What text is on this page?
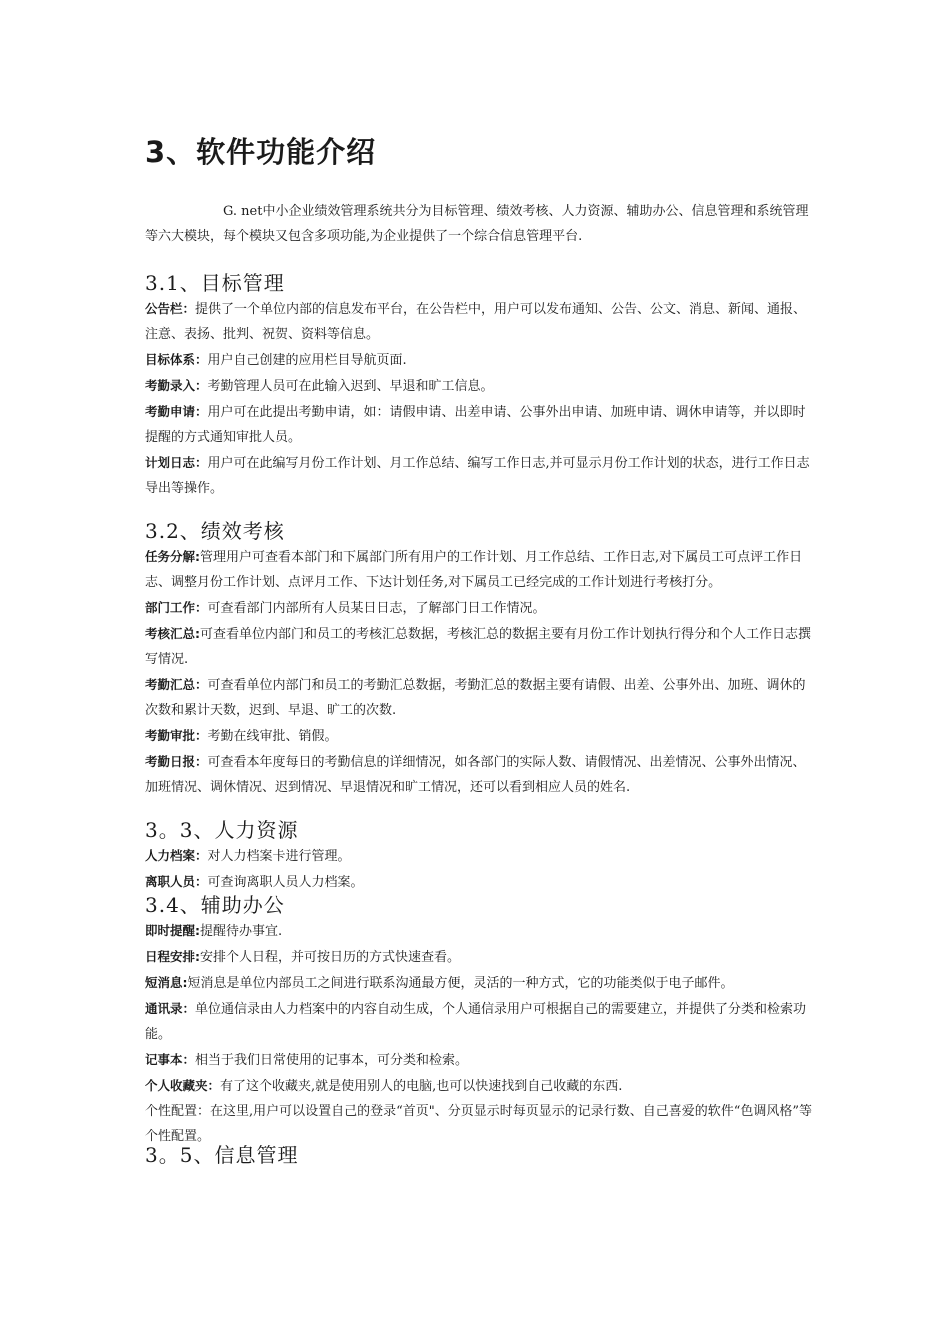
3、软件功能介绍

G. net中小企业绩效管理系统共分为目标管理、绩效考核、人力资源、辅助办公、信息管理和系统管理等六大模块，每个模块又包含多项功能,为企业提供了一个综合信息管理平台.

3.1、目标管理

公告栏：提供了一个单位内部的信息发布平台，在公告栏中，用户可以发布通知、公告、公文、消息、新闻、通报、注意、表扬、批判、祝贺、资料等信息。

目标体系：用户自己创建的应用栏目导航页面.

考勤录入：考勤管理人员可在此输入迟到、早退和旷工信息。

考勤申请：用户可在此提出考勤申请，如：请假申请、出差申请、公事外出申请、加班申请、调休申请等，并以即时提醒的方式通知审批人员。

计划日志：用户可在此编写月份工作计划、月工作总结、编写工作日志,并可显示月份工作计划的状态，进行工作日志导出等操作。

3.2、绩效考核

任务分解:管理用户可查看本部门和下属部门所有用户的工作计划、月工作总结、工作日志,对下属员工可点评工作日志、调整月份工作计划、点评月工作、下达计划任务,对下属员工已经完成的工作计划进行考核打分。

部门工作：可查看部门内部所有人员某日日志，了解部门日工作情况。

考核汇总:可查看单位内部门和员工的考核汇总数据，考核汇总的数据主要有月份工作计划执行得分和个人工作日志撰写情况.

考勤汇总：可查看单位内部门和员工的考勤汇总数据，考勤汇总的数据主要有请假、出差、公事外出、加班、调休的次数和累计天数，迟到、早退、旷工的次数.

考勤审批：考勤在线审批、销假。

考勤日报：可查看本年度每日的考勤信息的详细情况，如各部门的实际人数、请假情况、出差情况、公事外出情况、加班情况、调休情况、迟到情况、早退情况和旷工情况，还可以看到相应人员的姓名.

3。3、人力资源

人力档案：对人力档案卡进行管理。

离职人员：可查询离职人员人力档案。

3.4、辅助办公

即时提醒:提醒待办事宜.

日程安排:安排个人日程，并可按日历的方式快速查看。

短消息:短消息是单位内部员工之间进行联系沟通最方便，灵活的一种方式，它的功能类似于电子邮件。

通讯录：单位通信录由人力档案中的内容自动生成，个人通信录用户可根据自己的需要建立，并提供了分类和检索功能。

记事本：相当于我们日常使用的记事本，可分类和检索。

个人收藏夹：有了这个收藏夹,就是使用别人的电脑,也可以快速找到自己收藏的东西.

个性配置：在这里,用户可以设置自己的登录“首页"、分页显示时每页显示的记录行数、自己喜爱的软件“色调风格”等个性配置。

3。5、信息管理
